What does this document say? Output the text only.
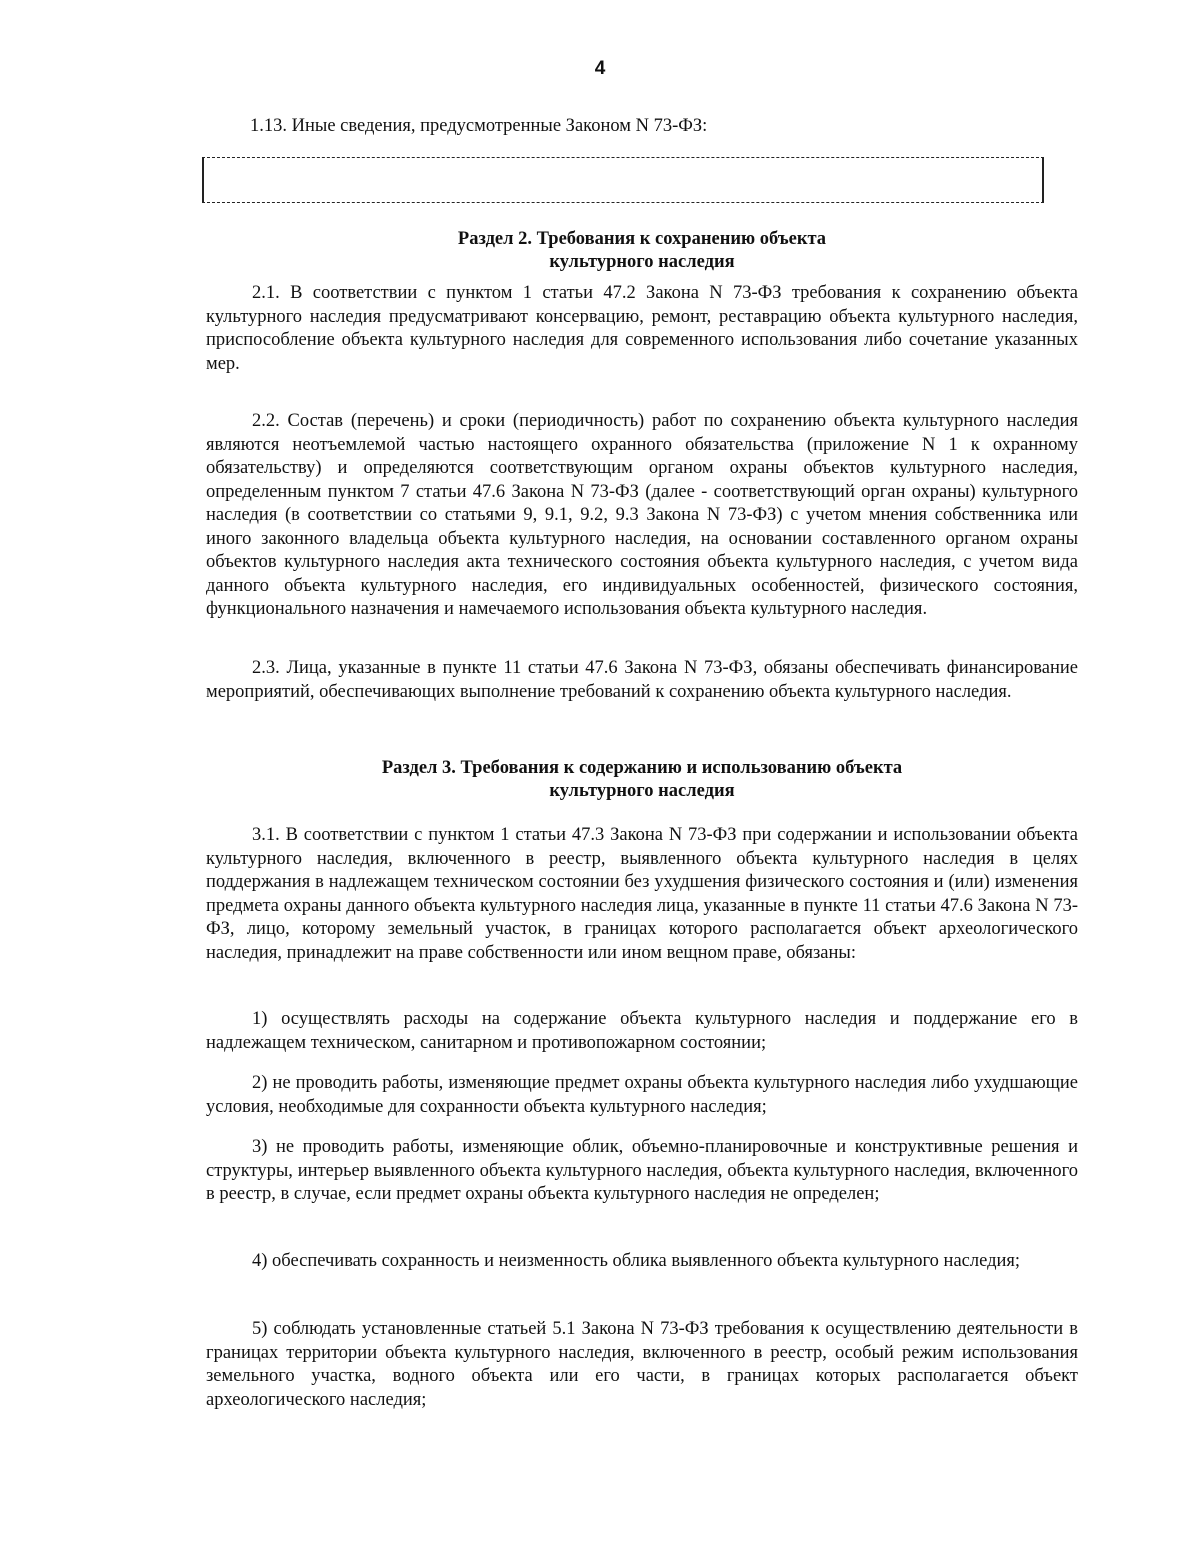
4
1.13. Иные сведения, предусмотренные Законом N 73-ФЗ:
Раздел 2. Требования к сохранению объекта
культурного наследия

2.1. В соответствии с пунктом 1 статьи 47.2 Закона N 73-ФЗ требования к сохранению объекта культурного наследия предусматривают консервацию, ремонт, реставрацию объекта культурного наследия, приспособление объекта культурного наследия для современного использования либо сочетание указанных мер.

2.2. Состав (перечень) и сроки (периодичность) работ по сохранению объекта культурного наследия являются неотъемлемой частью настоящего охранного обязательства (приложение N 1 к охранному обязательству) и определяются соответствующим органом охраны объектов культурного наследия, определенным пунктом 7 статьи 47.6 Закона N 73-ФЗ (далее - соответствующий орган охраны) культурного наследия (в соответствии со статьями 9, 9.1, 9.2, 9.3 Закона N 73-ФЗ) с учетом мнения собственника или иного законного владельца объекта культурного наследия, на основании составленного органом охраны объектов культурного наследия акта технического состояния объекта культурного наследия, с учетом вида данного объекта культурного наследия, его индивидуальных особенностей, физического состояния, функционального назначения и намечаемого использования объекта культурного наследия.

2.3. Лица, указанные в пункте 11 статьи 47.6 Закона N 73-ФЗ, обязаны обеспечивать финансирование мероприятий, обеспечивающих выполнение требований к сохранению объекта культурного наследия.

Раздел 3. Требования к содержанию и использованию объекта
культурного наследия

3.1. В соответствии с пунктом 1 статьи 47.3 Закона N 73-ФЗ при содержании и использовании объекта культурного наследия, включенного в реестр, выявленного объекта культурного наследия в целях поддержания в надлежащем техническом состоянии без ухудшения физического состояния и (или) изменения предмета охраны данного объекта культурного наследия лица, указанные в пункте 11 статьи 47.6 Закона N 73-ФЗ, лицо, которому земельный участок, в границах которого располагается объект археологического наследия, принадлежит на праве собственности или ином вещном праве, обязаны:

1) осуществлять расходы на содержание объекта культурного наследия и поддержание его в надлежащем техническом, санитарном и противопожарном состоянии;

2) не проводить работы, изменяющие предмет охраны объекта культурного наследия либо ухудшающие условия, необходимые для сохранности объекта культурного наследия;

3) не проводить работы, изменяющие облик, объемно-планировочные и конструктивные решения и структуры, интерьер выявленного объекта культурного наследия, объекта культурного наследия, включенного в реестр, в случае, если предмет охраны объекта культурного наследия не определен;

4) обеспечивать сохранность и неизменность облика выявленного объекта культурного наследия;

5) соблюдать установленные статьей 5.1 Закона N 73-ФЗ требования к осуществлению деятельности в границах территории объекта культурного наследия, включенного в реестр, особый режим использования земельного участка, водного объекта или его части, в границах которых располагается объект археологического наследия;
